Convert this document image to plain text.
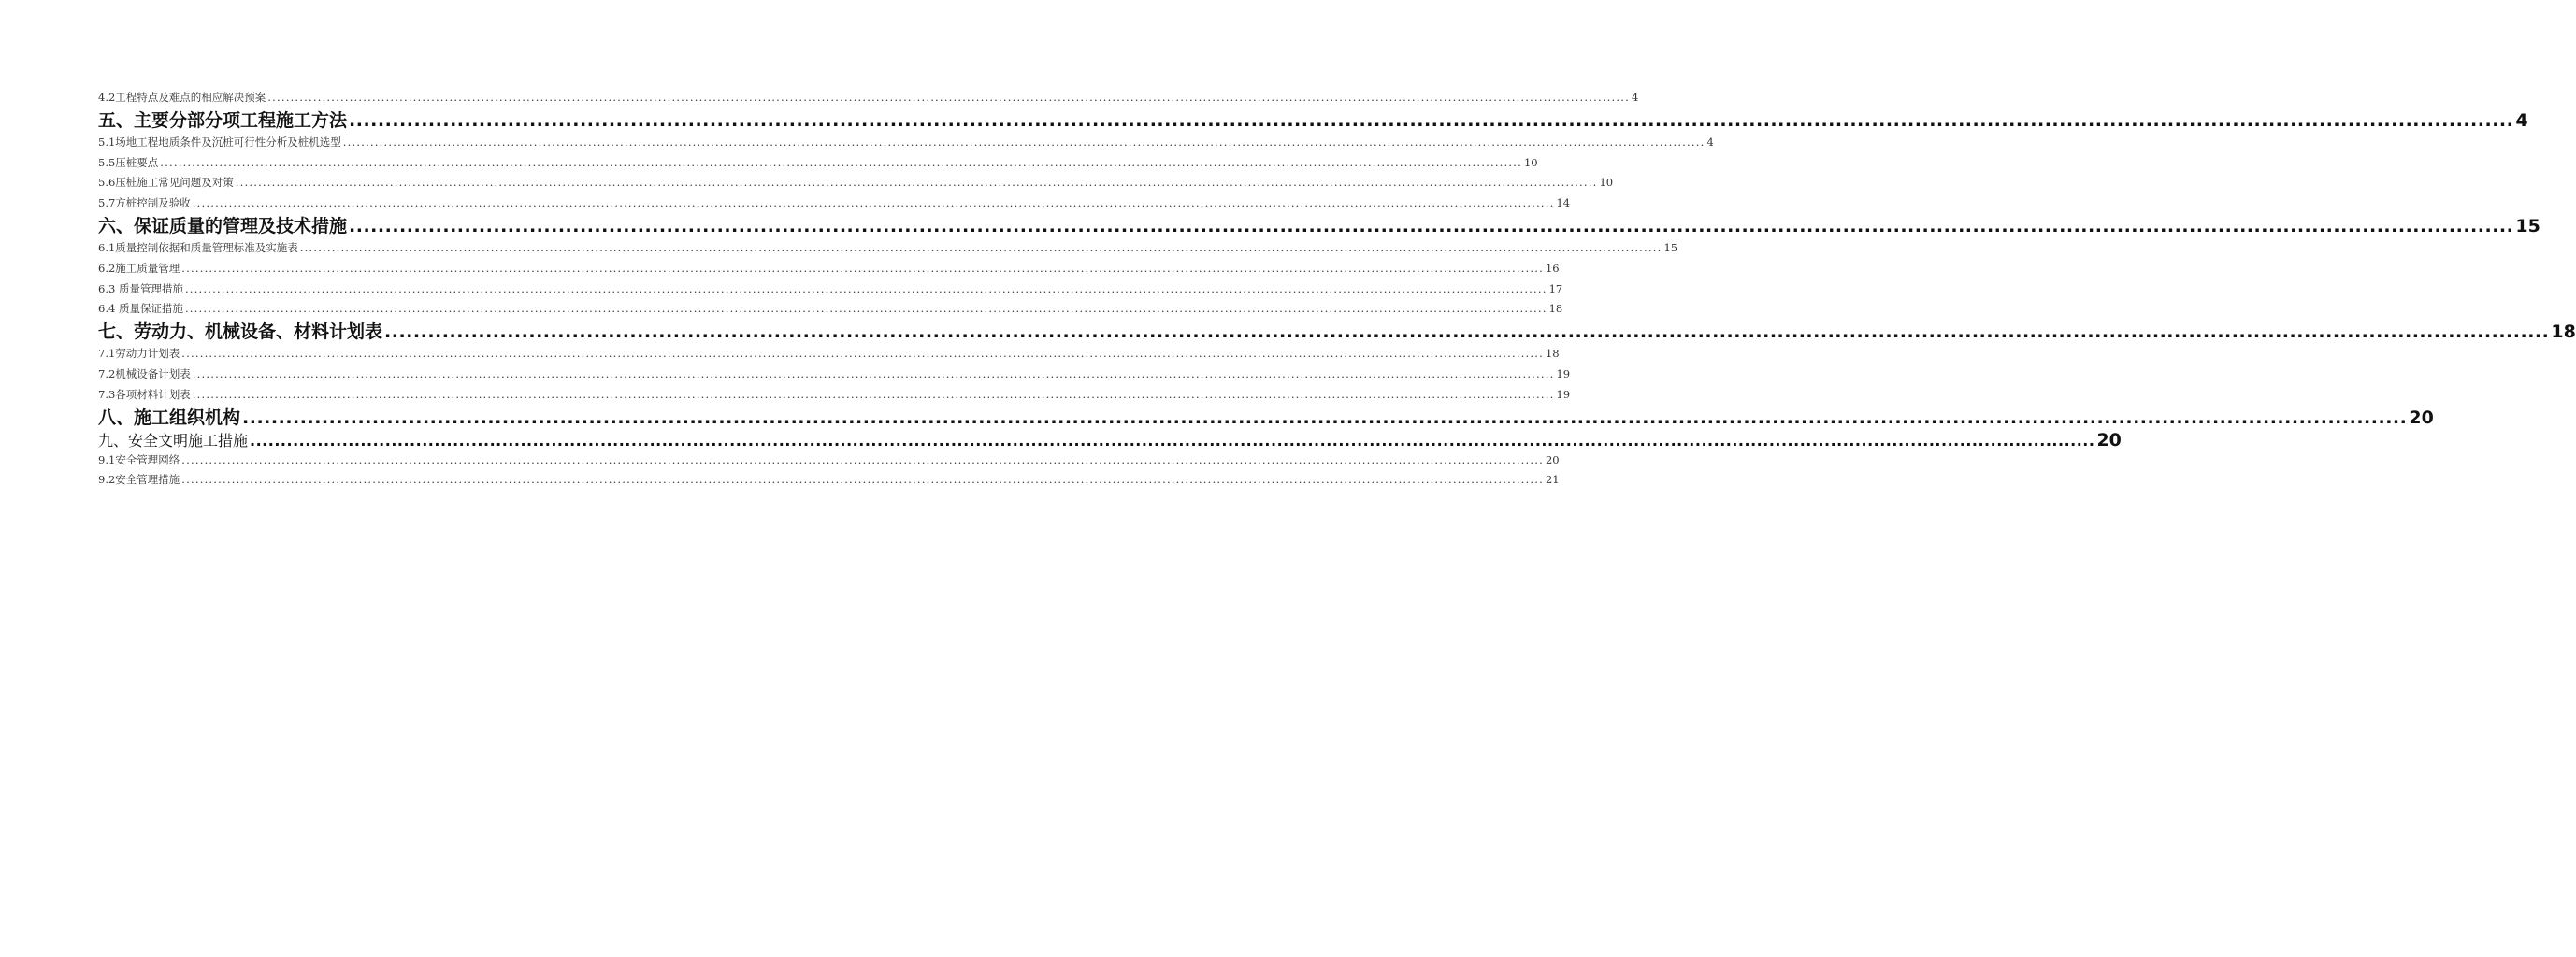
4.2工程特点及难点的相应解决预案 ............................................................................................................................................................................................................................................................................................................ 4
五、主要分部分项工程施工方法 ............................................................................................................................................................................................................................................................................................................ 4
5.1场地工程地质条件及沉桩可行性分析及桩机选型 ............................................................................................................................................................................................................................................................................................................ 4
5.5压桩要点 ............................................................................................................................................................................................................................................................................................................ 10
5.6压桩施工常见问题及对策 ............................................................................................................................................................................................................................................................................................................ 10
5.7方桩控制及验收 ............................................................................................................................................................................................................................................................................................................ 14
六、保证质量的管理及技术措施 ............................................................................................................................................................................................................................................................................................................ 15
6.1质量控制依据和质量管理标准及实施表 ............................................................................................................................................................................................................................................................................................................ 15
6.2施工质量管理 ............................................................................................................................................................................................................................................................................................................ 16
6.3 质量管理措施 ............................................................................................................................................................................................................................................................................................................ 17
6.4 质量保证措施 ............................................................................................................................................................................................................................................................................................................ 18
七、劳动力、机械设备、材料计划表 ............................................................................................................................................................................................................................................................................................................ 18
7.1劳动力计划表 ............................................................................................................................................................................................................................................................................................................ 18
7.2机械设备计划表 ............................................................................................................................................................................................................................................................................................................ 19
7.3各项材料计划表 ............................................................................................................................................................................................................................................................................................................ 19
八、施工组织机构 ............................................................................................................................................................................................................................................................................................................ 20
九、安全文明施工措施 ............................................................................................................................................................................................................................................................................................................ 20
9.1安全管理网络 ............................................................................................................................................................................................................................................................................................................ 20
9.2安全管理措施 ............................................................................................................................................................................................................................................................................................................ 21
